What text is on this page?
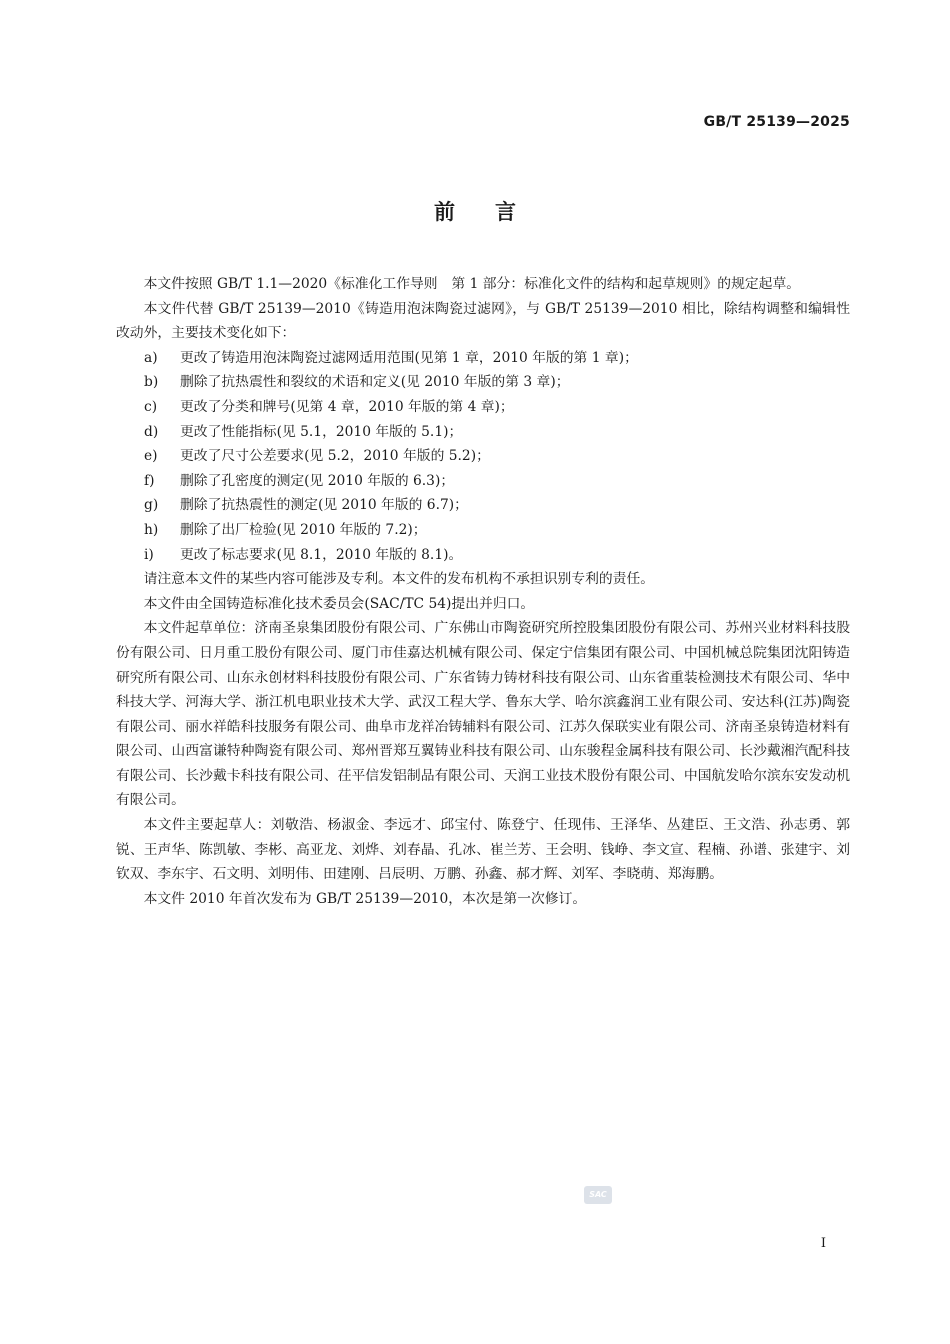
GB/T 25139—2025
前言

本文件按照 GB/T 1.1—2020《标准化工作导则　第 1 部分：标准化文件的结构和起草规则》的规定起草。

本文件代替 GB/T 25139—2010《铸造用泡沫陶瓷过滤网》，与 GB/T 25139—2010 相比，除结构调整和编辑性改动外，主要技术变化如下：

a) 更改了铸造用泡沫陶瓷过滤网适用范围(见第 1 章，2010 年版的第 1 章)；
b) 删除了抗热震性和裂纹的术语和定义(见 2010 年版的第 3 章)；
c) 更改了分类和牌号(见第 4 章，2010 年版的第 4 章)；
d) 更改了性能指标(见 5.1，2010 年版的 5.1)；
e) 更改了尺寸公差要求(见 5.2，2010 年版的 5.2)；
f) 删除了孔密度的测定(见 2010 年版的 6.3)；
g) 删除了抗热震性的测定(见 2010 年版的 6.7)；
h) 删除了出厂检验(见 2010 年版的 7.2)；
i) 更改了标志要求(见 8.1，2010 年版的 8.1)。

请注意本文件的某些内容可能涉及专利。本文件的发布机构不承担识别专利的责任。

本文件由全国铸造标准化技术委员会(SAC/TC 54)提出并归口。

本文件起草单位：济南圣泉集团股份有限公司、广东佛山市陶瓷研究所控股集团股份有限公司、苏州兴业材料科技股份有限公司、日月重工股份有限公司、厦门市佳嘉达机械有限公司、保定宁信集团有限公司、中国机械总院集团沈阳铸造研究所有限公司、山东永创材料科技股份有限公司、广东省铸力铸材科技有限公司、山东省重装检测技术有限公司、华中科技大学、河海大学、浙江机电职业技术大学、武汉工程大学、鲁东大学、哈尔滨鑫润工业有限公司、安达科(江苏)陶瓷有限公司、丽水祥皓科技服务有限公司、曲阜市龙祥冶铸辅料有限公司、江苏久保联实业有限公司、济南圣泉铸造材料有限公司、山西富谦特种陶瓷有限公司、郑州晋郑互翼铸业科技有限公司、山东骏程金属科技有限公司、长沙戴湘汽配科技有限公司、长沙戴卡科技有限公司、茌平信发铝制品有限公司、天润工业技术股份有限公司、中国航发哈尔滨东安发动机有限公司。

本文件主要起草人：刘敬浩、杨淑金、李远才、邱宝付、陈登宁、任现伟、王泽华、丛建臣、王文浩、孙志勇、郭锐、王声华、陈凯敏、李彬、高亚龙、刘烨、刘春晶、孔冰、崔兰芳、王会明、钱峥、李文宣、程楠、孙谱、张建宇、刘钦双、李东宇、石文明、刘明伟、田建刚、吕辰明、万鹏、孙鑫、郝才辉、刘军、李晓萌、郑海鹏。

本文件 2010 年首次发布为 GB/T 25139—2010，本次是第一次修订。

SAC
I
